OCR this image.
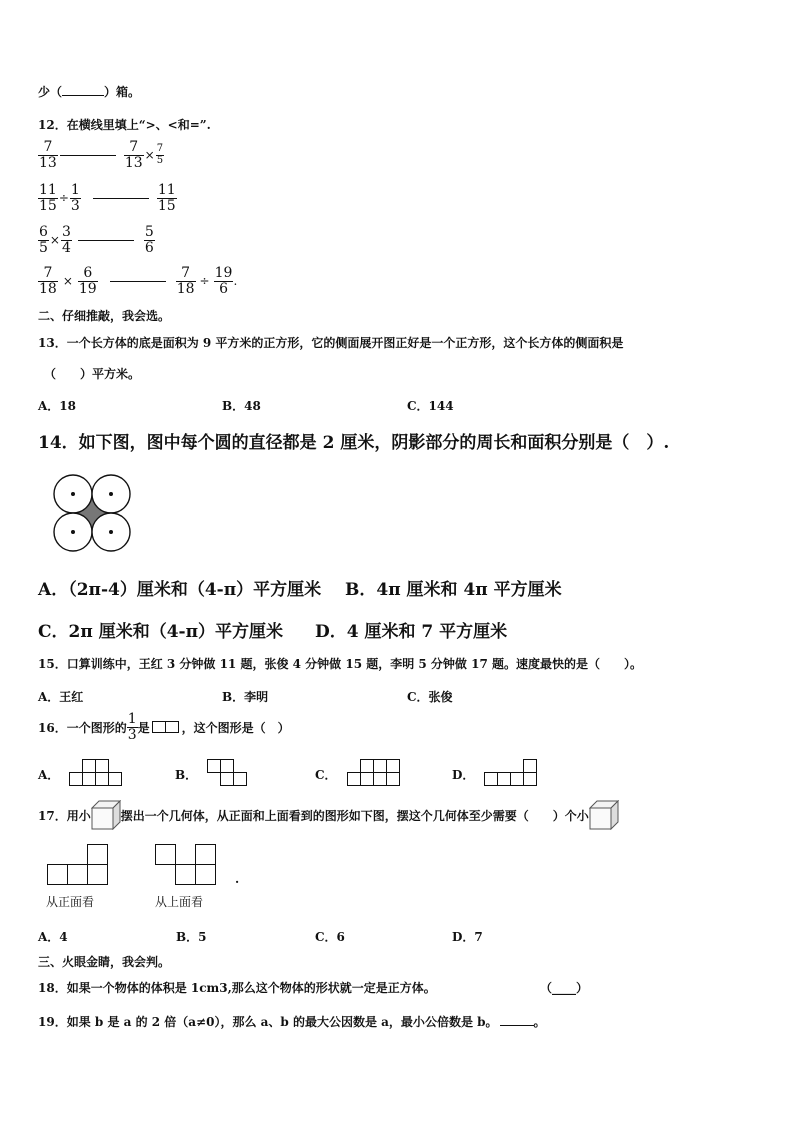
少（	）箱。
12．在横线里填上“>、<和=”.
$\frac{7}{13}$	$\frac{7}{13} \times \frac{7}{5}$
$\frac{11}{15} \div \frac{1}{3}$	$\frac{11}{15}$
$\frac{6}{5} \times \frac{3}{4}$	$\frac{5}{6}$
$\frac{7}{18} \times \frac{6}{19}$	$\frac{7}{18} \div \frac{19}{6}$ .
二、仔细推敲，我会选。
13．一个长方体的底是面积为 9 平方米的正方形，它的侧面展开图正好是一个正方形，这个长方体的侧面积是
（　　）平方米。
A．18	B．48	C．144
14．如下图，图中每个圆的直径都是 2 厘米，阴影部分的周长和面积分别是（　）.
A．（2π-4）厘米和（4-π）平方厘米 B．4π 厘米和 4π 平方厘米
C．2π 厘米和（4-π）平方厘米 D．4 厘米和 7 平方厘米
15．口算训练中，王红 3 分钟做 11 题，张俊 4 分钟做 15 题，李明 5 分钟做 17 题。速度最快的是（　　）。
A．王红	B．李明	C．张俊
16．一个图形的 $\frac{1}{3}$ 是	，这个图形是（　）
A．	B．	C．	D．
17．用小	摆出一个几何体，从正面和上面看到的图形如下图，摆这个几何体至少需要（　　）个小
从正面看	从上面看
.
A．4	B．5	C．6	D．7
三、火眼金睛，我会判。
18．如果一个物体的体积是 1cm3,那么这个物体的形状就一定是正方体。	（____）
19．如果 b 是 a 的 2 倍（a≠0），那么 a、b 的最大公因数是 a，最小公倍数是 b。	。
